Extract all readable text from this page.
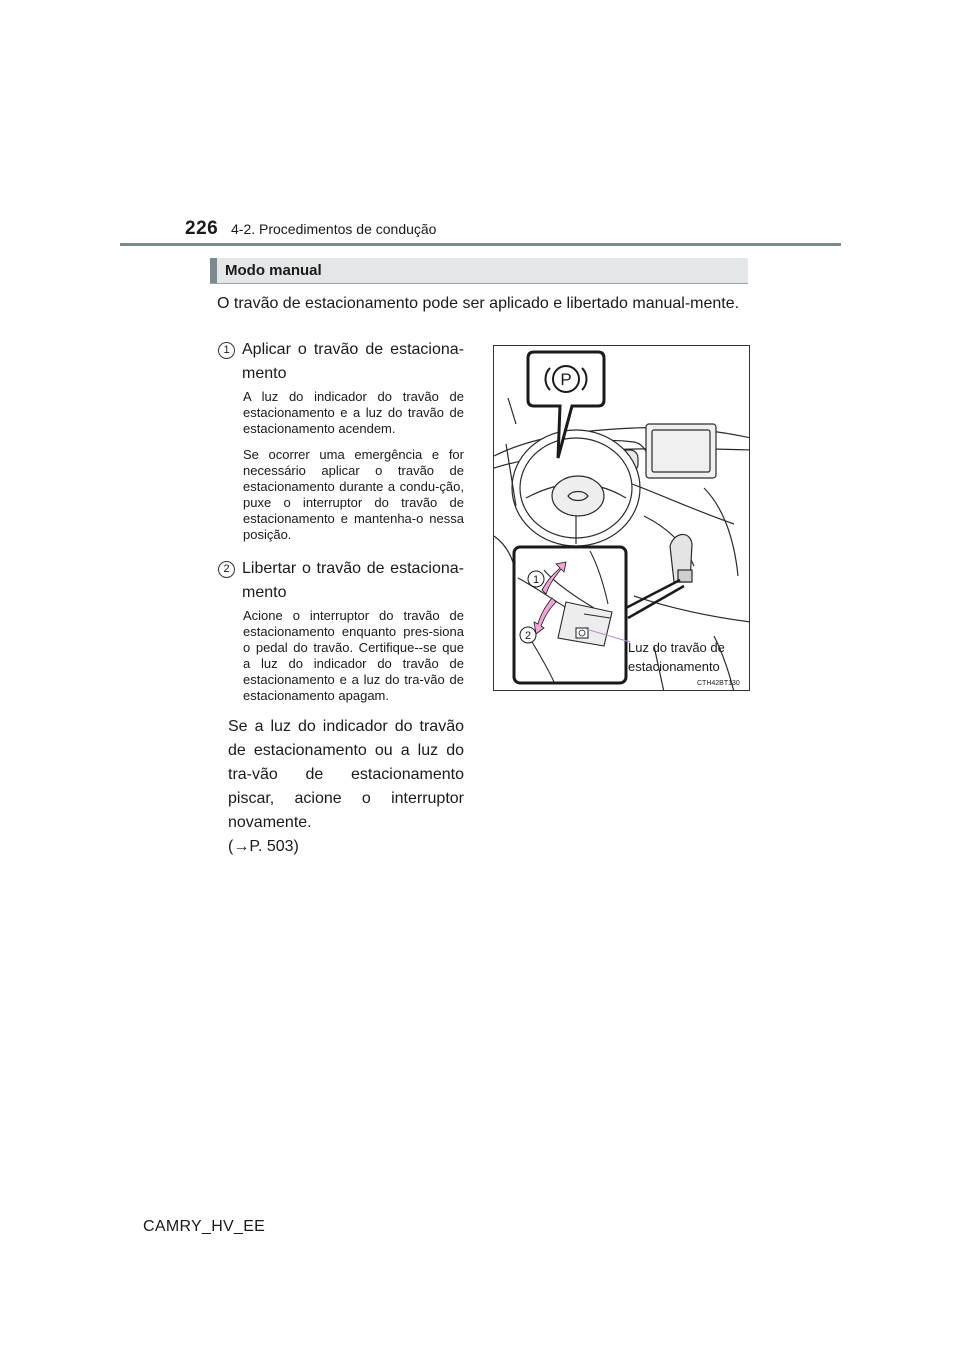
226 4-2. Procedimentos de condução
Modo manual
O travão de estacionamento pode ser aplicado e libertado manual-mente.
1 Aplicar o travão de estaciona-mento
A luz do indicador do travão de estacionamento e a luz do travão de estacionamento acendem.
Se ocorrer uma emergência e for necessário aplicar o travão de estacionamento durante a condu-ção, puxe o interruptor do travão de estacionamento e mantenha-o nessa posição.
2 Libertar o travão de estaciona-mento
Acione o interruptor do travão de estacionamento enquanto pres-siona o pedal do travão. Certifique--se que a luz do indicador do travão de estacionamento e a luz do tra-vão de estacionamento apagam.

Se a luz do indicador do travão de estacionamento ou a luz do tra-vão de estacionamento piscar, acione o interruptor novamente.

(→P. 503)

P
1
2
Luz do travão de
estacionamento
CTH42BT130
CAMRY_HV_EE
